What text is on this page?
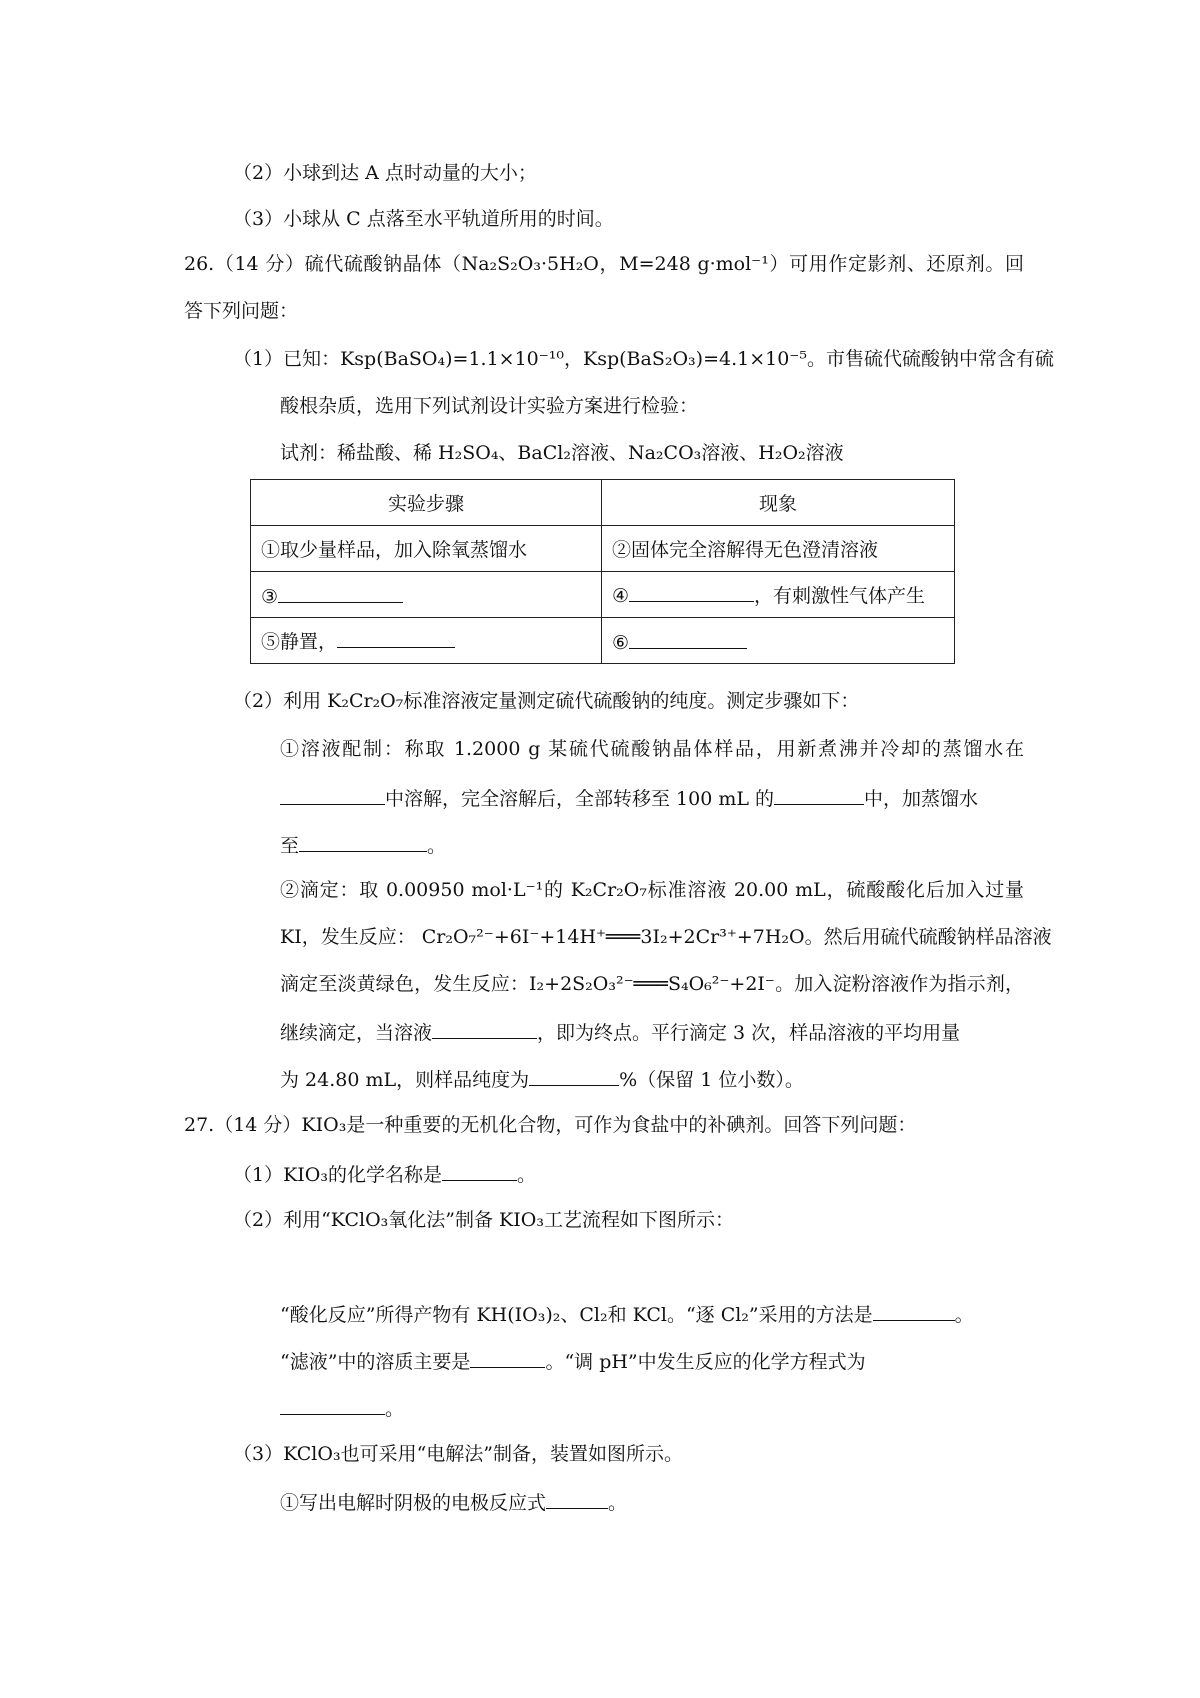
（2）小球到达 A 点时动量的大小；
（3）小球从 C 点落至水平轨道所用的时间。
26.（14 分）硫代硫酸钠晶体（Na₂S₂O₃·5H₂O，M=248 g·mol⁻¹）可用作定影剂、还原剂。回
答下列问题：
（1）已知：Ksp(BaSO₄)=1.1×10⁻¹⁰，Ksp(BaS₂O₃)=4.1×10⁻⁵。市售硫代硫酸钠中常含有硫
酸根杂质，选用下列试剂设计实验方案进行检验：
试剂：稀盐酸、稀 H₂SO₄、BaCl₂溶液、Na₂CO₃溶液、H₂O₂溶液
实验步骤	现象
①取少量样品，加入除氧蒸馏水	②固体完全溶解得无色澄清溶液
③	④ ，有刺激性气体产生
⑤静置，	⑥
（2）利用 K₂Cr₂O₇标准溶液定量测定硫代硫酸钠的纯度。测定步骤如下：
①溶液配制：称取 1.2000 g 某硫代硫酸钠晶体样品，用新煮沸并冷却的蒸馏水在
中溶解，完全溶解后，全部转移至 100 mL 的	中，加蒸馏水
至	。
②滴定：取 0.00950 mol·L⁻¹的 K₂Cr₂O₇标准溶液 20.00 mL，硫酸酸化后加入过量
KI，发生反应： Cr₂O₇²⁻+6I⁻+14H⁺═══3I₂+2Cr³⁺+7H₂O。然后用硫代硫酸钠样品溶液
滴定至淡黄绿色，发生反应：I₂+2S₂O₃²⁻═══S₄O₆²⁻+2I⁻。加入淀粉溶液作为指示剂，
继续滴定，当溶液	，即为终点。平行滴定 3 次，样品溶液的平均用量
为 24.80 mL，则样品纯度为	%（保留 1 位小数）。
27.（14 分）KIO₃是一种重要的无机化合物，可作为食盐中的补碘剂。回答下列问题：
（1）KIO₃的化学名称是	。
（2）利用“KClO₃氧化法”制备 KIO₃工艺流程如下图所示：
“酸化反应”所得产物有 KH(IO₃)₂、Cl₂和 KCl。“逐 Cl₂”采用的方法是	。
“滤液”中的溶质主要是	。“调 pH”中发生反应的化学方程式为
。
（3）KClO₃也可采用“电解法”制备，装置如图所示。
①写出电解时阴极的电极反应式	。
